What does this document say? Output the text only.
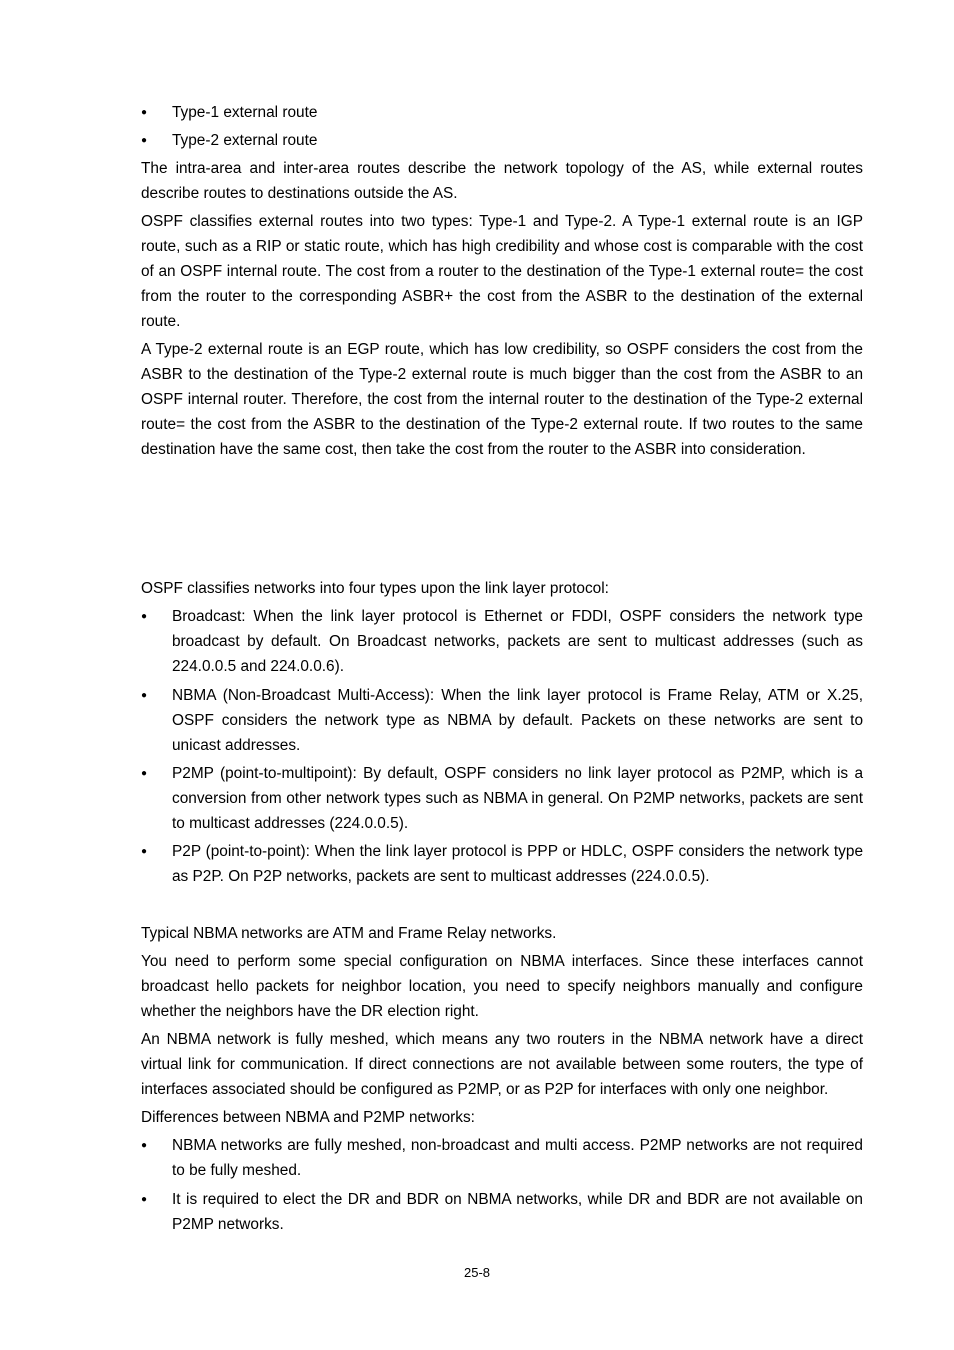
●	Type-1 external route
●	Type-2 external route

The intra-area and inter-area routes describe the network topology of the AS, while external routes describe routes to destinations outside the AS.

OSPF classifies external routes into two types: Type-1 and Type-2. A Type-1 external route is an IGP route, such as a RIP or static route, which has high credibility and whose cost is comparable with the cost of an OSPF internal route. The cost from a router to the destination of the Type-1 external route= the cost from the router to the corresponding ASBR+ the cost from the ASBR to the destination of the external route.

A Type-2 external route is an EGP route, which has low credibility, so OSPF considers the cost from the ASBR to the destination of the Type-2 external route is much bigger than the cost from the ASBR to an OSPF internal router. Therefore, the cost from the internal router to the destination of the Type-2 external route= the cost from the ASBR to the destination of the Type-2 external route. If two routes to the same destination have the same cost, then take the cost from the router to the ASBR into consideration.

OSPF classifies networks into four types upon the link layer protocol:

●	Broadcast: When the link layer protocol is Ethernet or FDDI, OSPF considers the network type broadcast by default. On Broadcast networks, packets are sent to multicast addresses (such as 224.0.0.5 and 224.0.0.6).
●	NBMA (Non-Broadcast Multi-Access): When the link layer protocol is Frame Relay, ATM or X.25, OSPF considers the network type as NBMA by default. Packets on these networks are sent to unicast addresses.
●	P2MP (point-to-multipoint): By default, OSPF considers no link layer protocol as P2MP, which is a conversion from other network types such as NBMA in general. On P2MP networks, packets are sent to multicast addresses (224.0.0.5).
●	P2P (point-to-point): When the link layer protocol is PPP or HDLC, OSPF considers the network type as P2P. On P2P networks, packets are sent to multicast addresses (224.0.0.5).

Typical NBMA networks are ATM and Frame Relay networks.

You need to perform some special configuration on NBMA interfaces. Since these interfaces cannot broadcast hello packets for neighbor location, you need to specify neighbors manually and configure whether the neighbors have the DR election right.

An NBMA network is fully meshed, which means any two routers in the NBMA network have a direct virtual link for communication. If direct connections are not available between some routers, the type of interfaces associated should be configured as P2MP, or as P2P for interfaces with only one neighbor.

Differences between NBMA and P2MP networks:

●	NBMA networks are fully meshed, non-broadcast and multi access. P2MP networks are not required to be fully meshed.
●	It is required to elect the DR and BDR on NBMA networks, while DR and BDR are not available on P2MP networks.
25-8
